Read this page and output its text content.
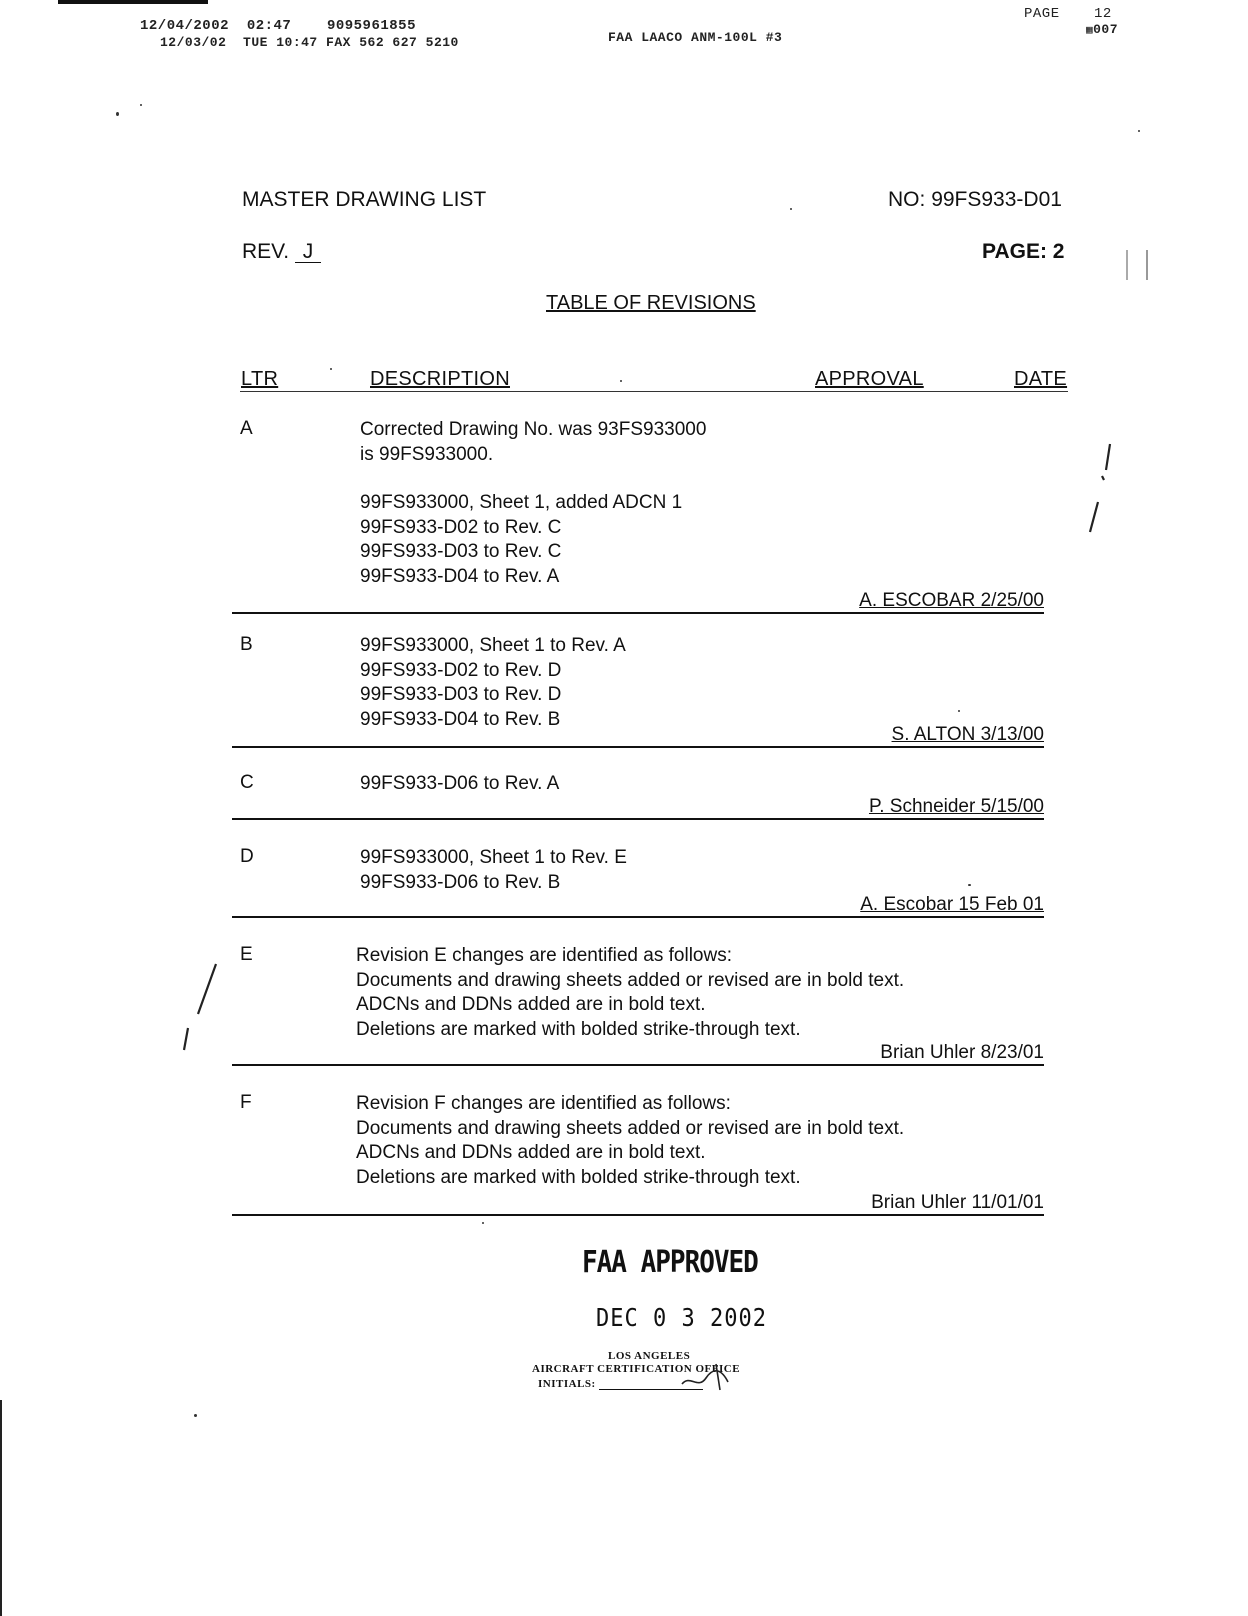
12/04/2002 02:47	9095961855
12/03/02  TUE 10:47 FAX 562 627 5210	FAA LAACO ANM-100L #3
PAGE 12
▦007
MASTER DRAWING LIST	NO: 99FS933-D01
REV. J	PAGE: 2
TABLE OF REVISIONS
LTR	DESCRIPTION	APPROVAL	DATE
A	Corrected Drawing No. was 93FS933000
is 99FS933000.
99FS933000, Sheet 1, added ADCN 1
99FS933-D02 to Rev. C
99FS933-D03 to Rev. C
99FS933-D04 to Rev. A
A. ESCOBAR 2/25/00
B	99FS933000, Sheet 1 to Rev. A
99FS933-D02 to Rev. D
99FS933-D03 to Rev. D
99FS933-D04 to Rev. B
S. ALTON 3/13/00
C	99FS933-D06 to Rev. A
P. Schneider 5/15/00
D	99FS933000, Sheet 1 to Rev. E
99FS933-D06 to Rev. B
A. Escobar 15 Feb 01
E	Revision E changes are identified as follows:
Documents and drawing sheets added or revised are in bold text.
ADCNs and DDNs added are in bold text.
Deletions are marked with bolded strike-through text.
Brian Uhler 8/23/01
F	Revision F changes are identified as follows:
Documents and drawing sheets added or revised are in bold text.
ADCNs and DDNs added are in bold text.
Deletions are marked with bolded strike-through text.
Brian Uhler 11/01/01
FAA APPROVED
DEC 0 3 2002
LOS ANGELES
AIRCRAFT CERTIFICATION OFFICE
INITIALS:
